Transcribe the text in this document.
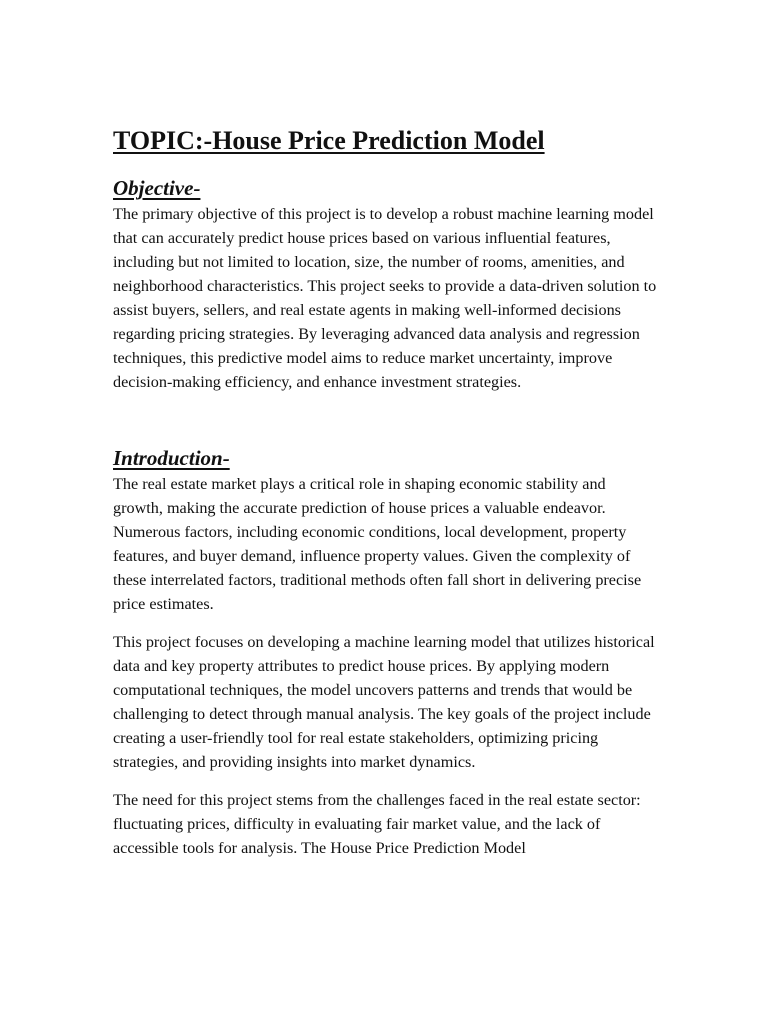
TOPIC:-House Price Prediction Model
Objective-

The primary objective of this project is to develop a robust machine learning model that can accurately predict house prices based on various influential features, including but not limited to location, size, the number of rooms, amenities, and neighborhood characteristics. This project seeks to provide a data-driven solution to assist buyers, sellers, and real estate agents in making well-informed decisions regarding pricing strategies. By leveraging advanced data analysis and regression techniques, this predictive model aims to reduce market uncertainty, improve decision-making efficiency, and enhance investment strategies.

Introduction-

The real estate market plays a critical role in shaping economic stability and growth, making the accurate prediction of house prices a valuable endeavor. Numerous factors, including economic conditions, local development, property features, and buyer demand, influence property values. Given the complexity of these interrelated factors, traditional methods often fall short in delivering precise price estimates.

This project focuses on developing a machine learning model that utilizes historical data and key property attributes to predict house prices. By applying modern computational techniques, the model uncovers patterns and trends that would be challenging to detect through manual analysis. The key goals of the project include creating a user-friendly tool for real estate stakeholders, optimizing pricing strategies, and providing insights into market dynamics.

The need for this project stems from the challenges faced in the real estate sector: fluctuating prices, difficulty in evaluating fair market value, and the lack of accessible tools for analysis. The House Price Prediction Model
